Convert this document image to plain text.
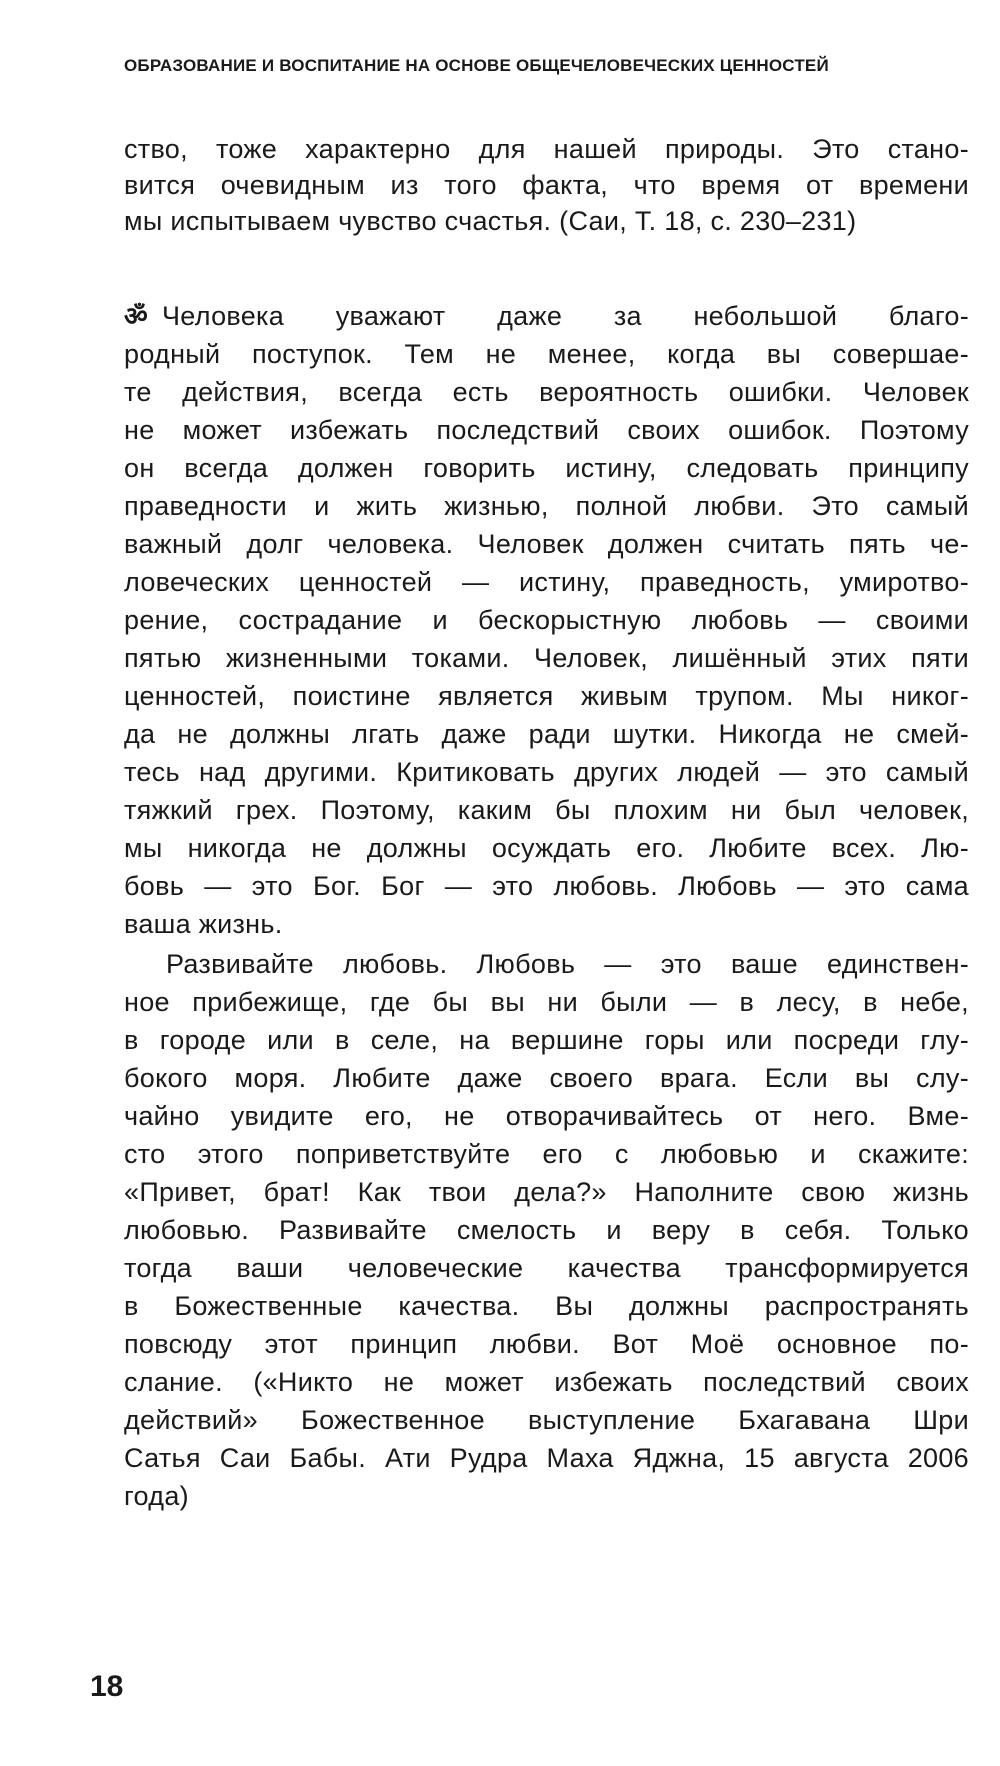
ОБРАЗОВАНИЕ И ВОСПИТАНИЕ НА ОСНОВЕ ОБЩЕЧЕЛОВЕЧЕСКИХ ЦЕННОСТЕЙ
ство, тоже характерно для нашей природы. Это стано-
вится очевидным из того факта, что время от времени
мы испытываем чувство счастья. (Саи, Т. 18, с. 230–231)
ॐ Человека уважают даже за небольшой благо-
родный поступок. Тем не менее, когда вы совершае-
те действия, всегда есть вероятность ошибки. Человек
не может избежать последствий своих ошибок. Поэтому
он всегда должен говорить истину, следовать принципу
праведности и жить жизнью, полной любви. Это самый
важный долг человека. Человек должен считать пять че-
ловеческих ценностей — истину, праведность, умиротво-
рение, сострадание и бескорыстную любовь — своими
пятью жизненными токами. Человек, лишённый этих пяти
ценностей, поистине является живым трупом. Мы никог-
да не должны лгать даже ради шутки. Никогда не смей-
тесь над другими. Критиковать других людей — это самый
тяжкий грех. Поэтому, каким бы плохим ни был человек,
мы никогда не должны осуждать его. Любите всех. Лю-
бовь — это Бог. Бог — это любовь. Любовь — это сама
ваша жизнь.
Развивайте любовь. Любовь — это ваше единствен-
ное прибежище, где бы вы ни были — в лесу, в небе,
в городе или в селе, на вершине горы или посреди глу-
бокого моря. Любите даже своего врага. Если вы слу-
чайно увидите его, не отворачивайтесь от него. Вме-
сто этого поприветствуйте его с любовью и скажите:
«Привет, брат! Как твои дела?» Наполните свою жизнь
любовью. Развивайте смелость и веру в себя. Только
тогда ваши человеческие качества трансформируется
в Божественные качества. Вы должны распространять
повсюду этот принцип любви. Вот Моё основное по-
слание. («Никто не может избежать последствий своих
действий» Божественное выступление Бхагавана Шри
Сатья Саи Бабы. Ати Рудра Маха Яджна, 15 августа 2006
года)
18
